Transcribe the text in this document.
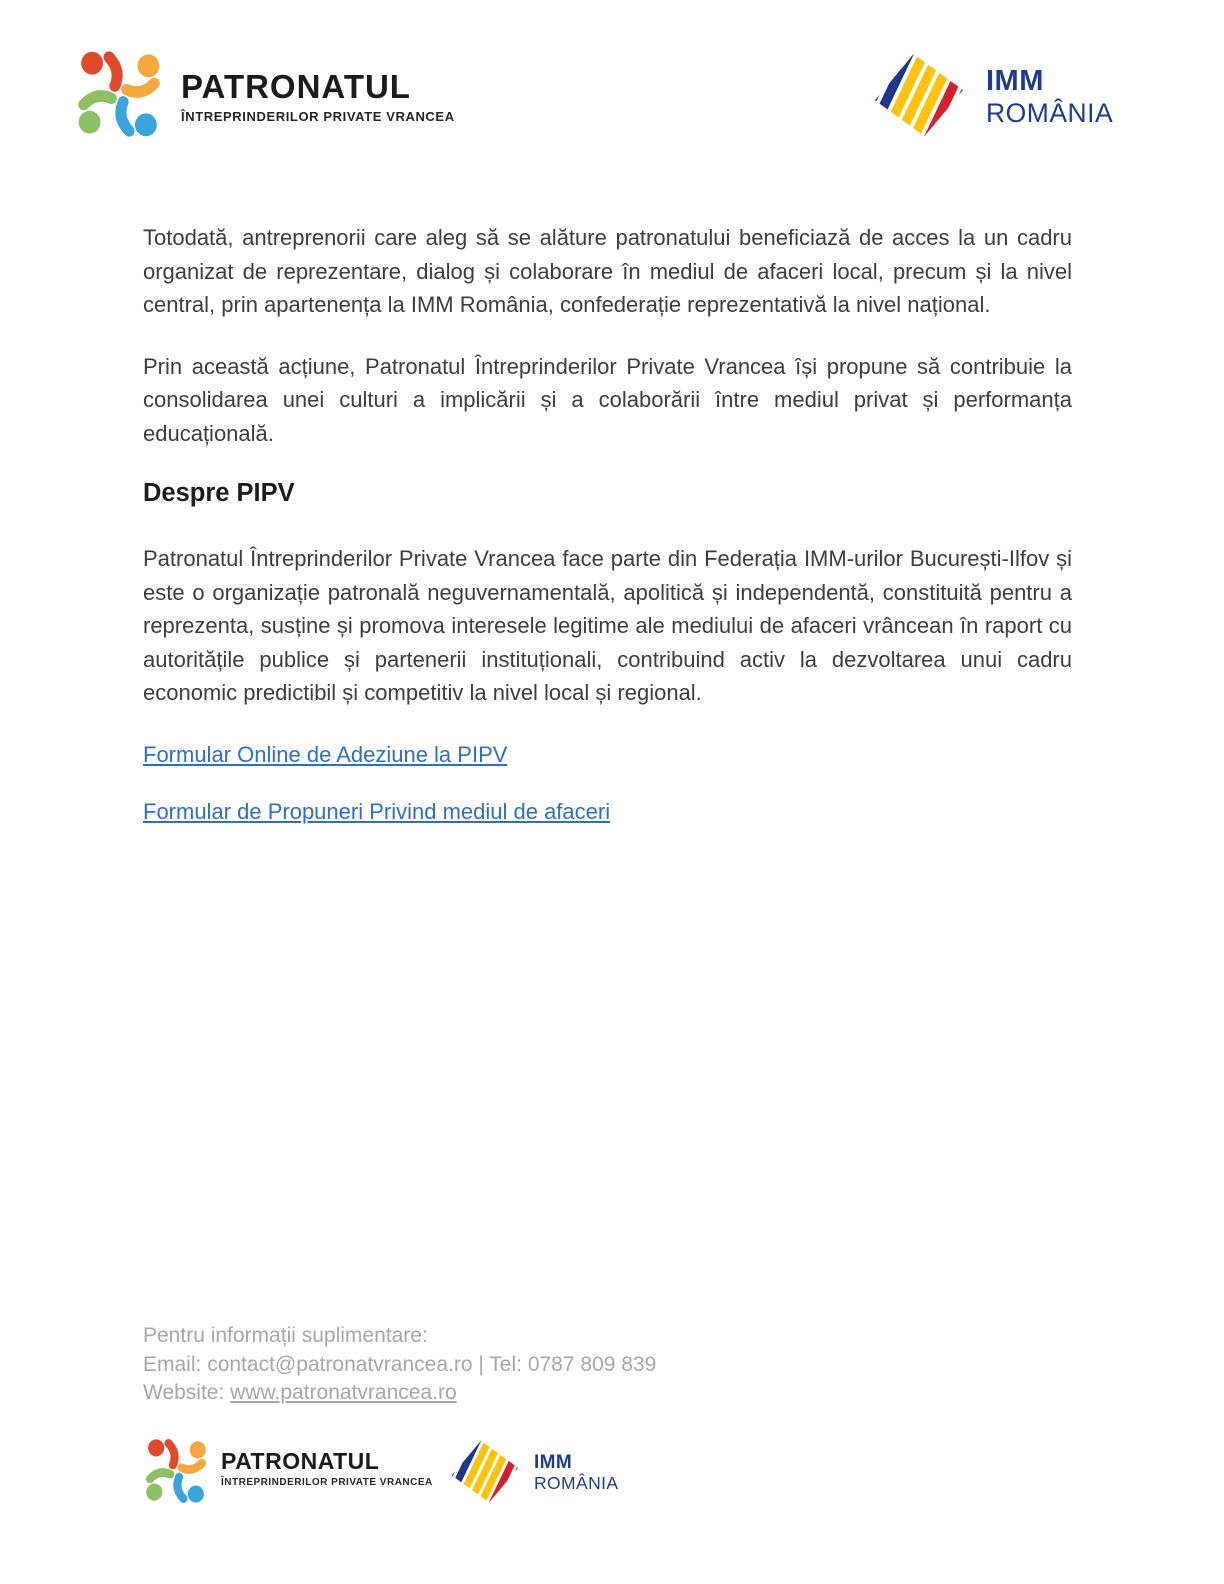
PATRONATUL
ÎNTREPRINDERILOR PRIVATE VRANCEA
IMM
ROMÂNIA

Totodată, antreprenorii care aleg să se alăture patronatului beneficiază de acces la un cadru organizat de reprezentare, dialog și colaborare în mediul de afaceri local, precum și la nivel central, prin apartenența la IMM România, confederație reprezentativă la nivel național.

Prin această acțiune, Patronatul Întreprinderilor Private Vrancea își propune să contribuie la consolidarea unei culturi a implicării și a colaborării între mediul privat și performanța educațională.

Despre PIPV

Patronatul Întreprinderilor Private Vrancea face parte din Federația IMM-urilor București-Ilfov și este o organizație patronală neguvernamentală, apolitică și independentă, constituită pentru a reprezenta, susține și promova interesele legitime ale mediului de afaceri vrâncean în raport cu autoritățile publice și partenerii instituționali, contribuind activ la dezvoltarea unui cadru economic predictibil și competitiv la nivel local și regional.

Formular Online de Adeziune la PIPV

Formular de Propuneri Privind mediul de afaceri

Pentru informații suplimentare:
Email: contact@patronatvrancea.ro | Tel: 0787 809 839
Website: www.patronatvrancea.ro
PATRONATUL
ÎNTREPRINDERILOR PRIVATE VRANCEA
IMM
ROMÂNIA
